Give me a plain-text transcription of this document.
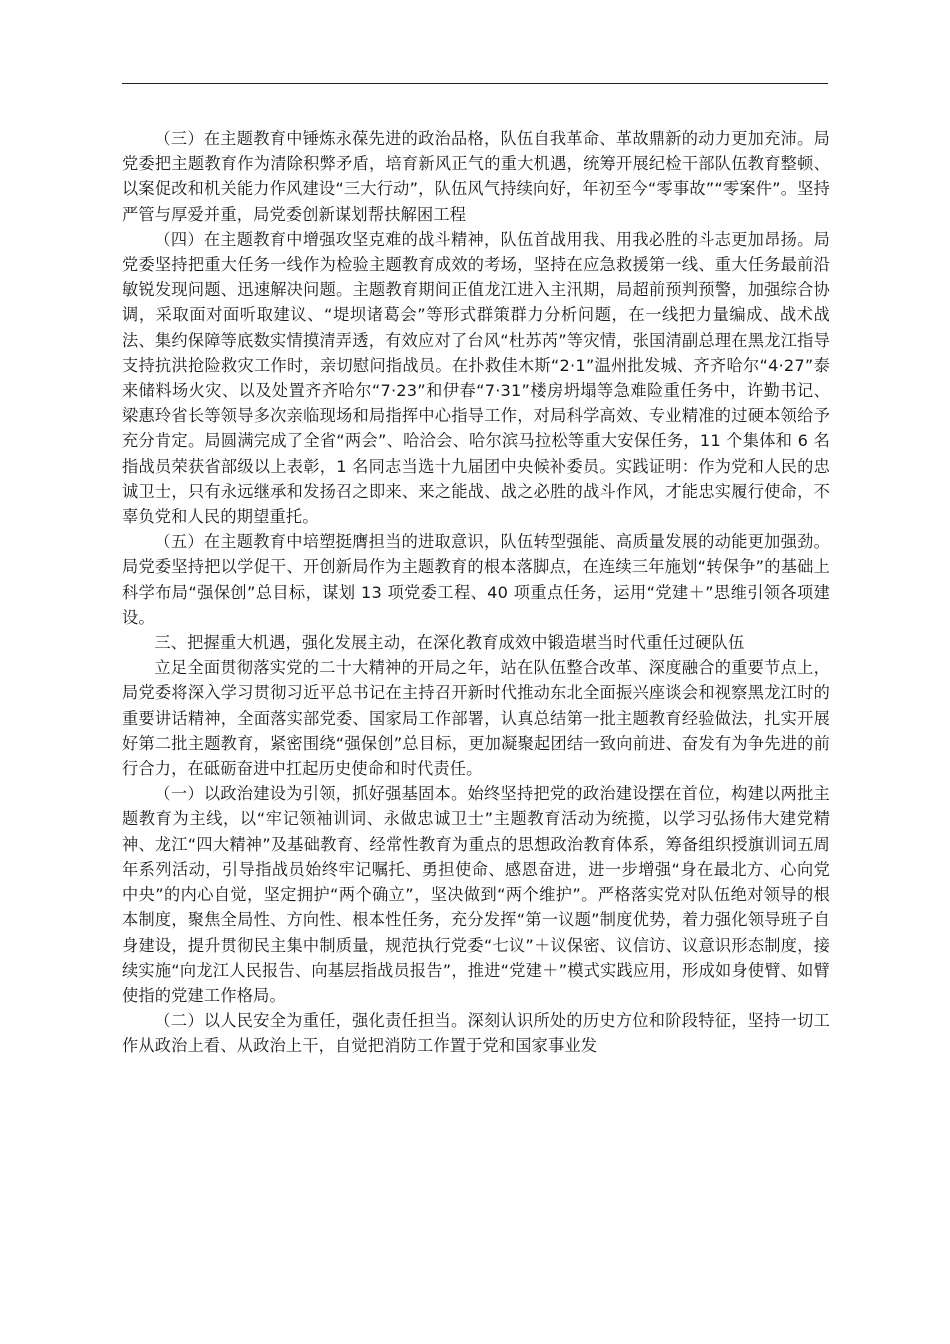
（三）在主题教育中锤炼永葆先进的政治品格，队伍自我革命、革故鼎新的动力更加充沛。局党委把主题教育作为清除积弊矛盾，培育新风正气的重大机遇，统筹开展纪检干部队伍教育整顿、以案促改和机关能力作风建设“三大行动”，队伍风气持续向好，年初至今“零事故”“零案件”。坚持严管与厚爱并重，局党委创新谋划帮扶解困工程

（四）在主题教育中增强攻坚克难的战斗精神，队伍首战用我、用我必胜的斗志更加昂扬。局党委坚持把重大任务一线作为检验主题教育成效的考场，坚持在应急救援第一线、重大任务最前沿敏锐发现问题、迅速解决问题。主题教育期间正值龙江进入主汛期，局超前预判预警，加强综合协调，采取面对面听取建议、“堤坝诸葛会”等形式群策群力分析问题，在一线把力量编成、战术战法、集约保障等底数实情摸清弄透，有效应对了台风“杜苏芮”等灾情，张国清副总理在黑龙江指导支持抗洪抢险救灾工作时，亲切慰问指战员。在扑救佳木斯“2·1”温州批发城、齐齐哈尔“4·27”泰来储料场火灾、以及处置齐齐哈尔“7·23”和伊春“7·31”楼房坍塌等急难险重任务中，许勤书记、梁惠玲省长等领导多次亲临现场和局指挥中心指导工作，对局科学高效、专业精准的过硬本领给予充分肯定。局圆满完成了全省“两会”、哈洽会、哈尔滨马拉松等重大安保任务，11 个集体和 6 名指战员荣获省部级以上表彰，1 名同志当选十九届团中央候补委员。实践证明：作为党和人民的忠诚卫士，只有永远继承和发扬召之即来、来之能战、战之必胜的战斗作风，才能忠实履行使命，不辜负党和人民的期望重托。

（五）在主题教育中培塑挺膺担当的进取意识，队伍转型强能、高质量发展的动能更加强劲。局党委坚持把以学促干、开创新局作为主题教育的根本落脚点，在连续三年施划“转保争”的基础上科学布局“强保创”总目标，谋划 13 项党委工程、40 项重点任务，运用“党建＋”思维引领各项建设。

三、把握重大机遇，强化发展主动，在深化教育成效中锻造堪当时代重任过硬队伍

立足全面贯彻落实党的二十大精神的开局之年，站在队伍整合改革、深度融合的重要节点上，局党委将深入学习贯彻习近平总书记在主持召开新时代推动东北全面振兴座谈会和视察黑龙江时的重要讲话精神，全面落实部党委、国家局工作部署，认真总结第一批主题教育经验做法，扎实开展好第二批主题教育，紧密围绕“强保创”总目标，更加凝聚起团结一致向前进、奋发有为争先进的前行合力，在砥砺奋进中扛起历史使命和时代责任。

（一）以政治建设为引领，抓好强基固本。始终坚持把党的政治建设摆在首位，构建以两批主题教育为主线，以“牢记领袖训词、永做忠诚卫士”主题教育活动为统揽，以学习弘扬伟大建党精神、龙江“四大精神”及基础教育、经常性教育为重点的思想政治教育体系，筹备组织授旗训词五周年系列活动，引导指战员始终牢记嘱托、勇担使命、感恩奋进，进一步增强“身在最北方、心向党中央”的内心自觉，坚定拥护“两个确立”，坚决做到“两个维护”。严格落实党对队伍绝对领导的根本制度，聚焦全局性、方向性、根本性任务，充分发挥“第一议题”制度优势，着力强化领导班子自身建设，提升贯彻民主集中制质量，规范执行党委“七议”＋议保密、议信访、议意识形态制度，接续实施“向龙江人民报告、向基层指战员报告”，推进“党建＋”模式实践应用，形成如身使臂、如臂使指的党建工作格局。

（二）以人民安全为重任，强化责任担当。深刻认识所处的历史方位和阶段特征，坚持一切工作从政治上看、从政治上干，自觉把消防工作置于党和国家事业发
